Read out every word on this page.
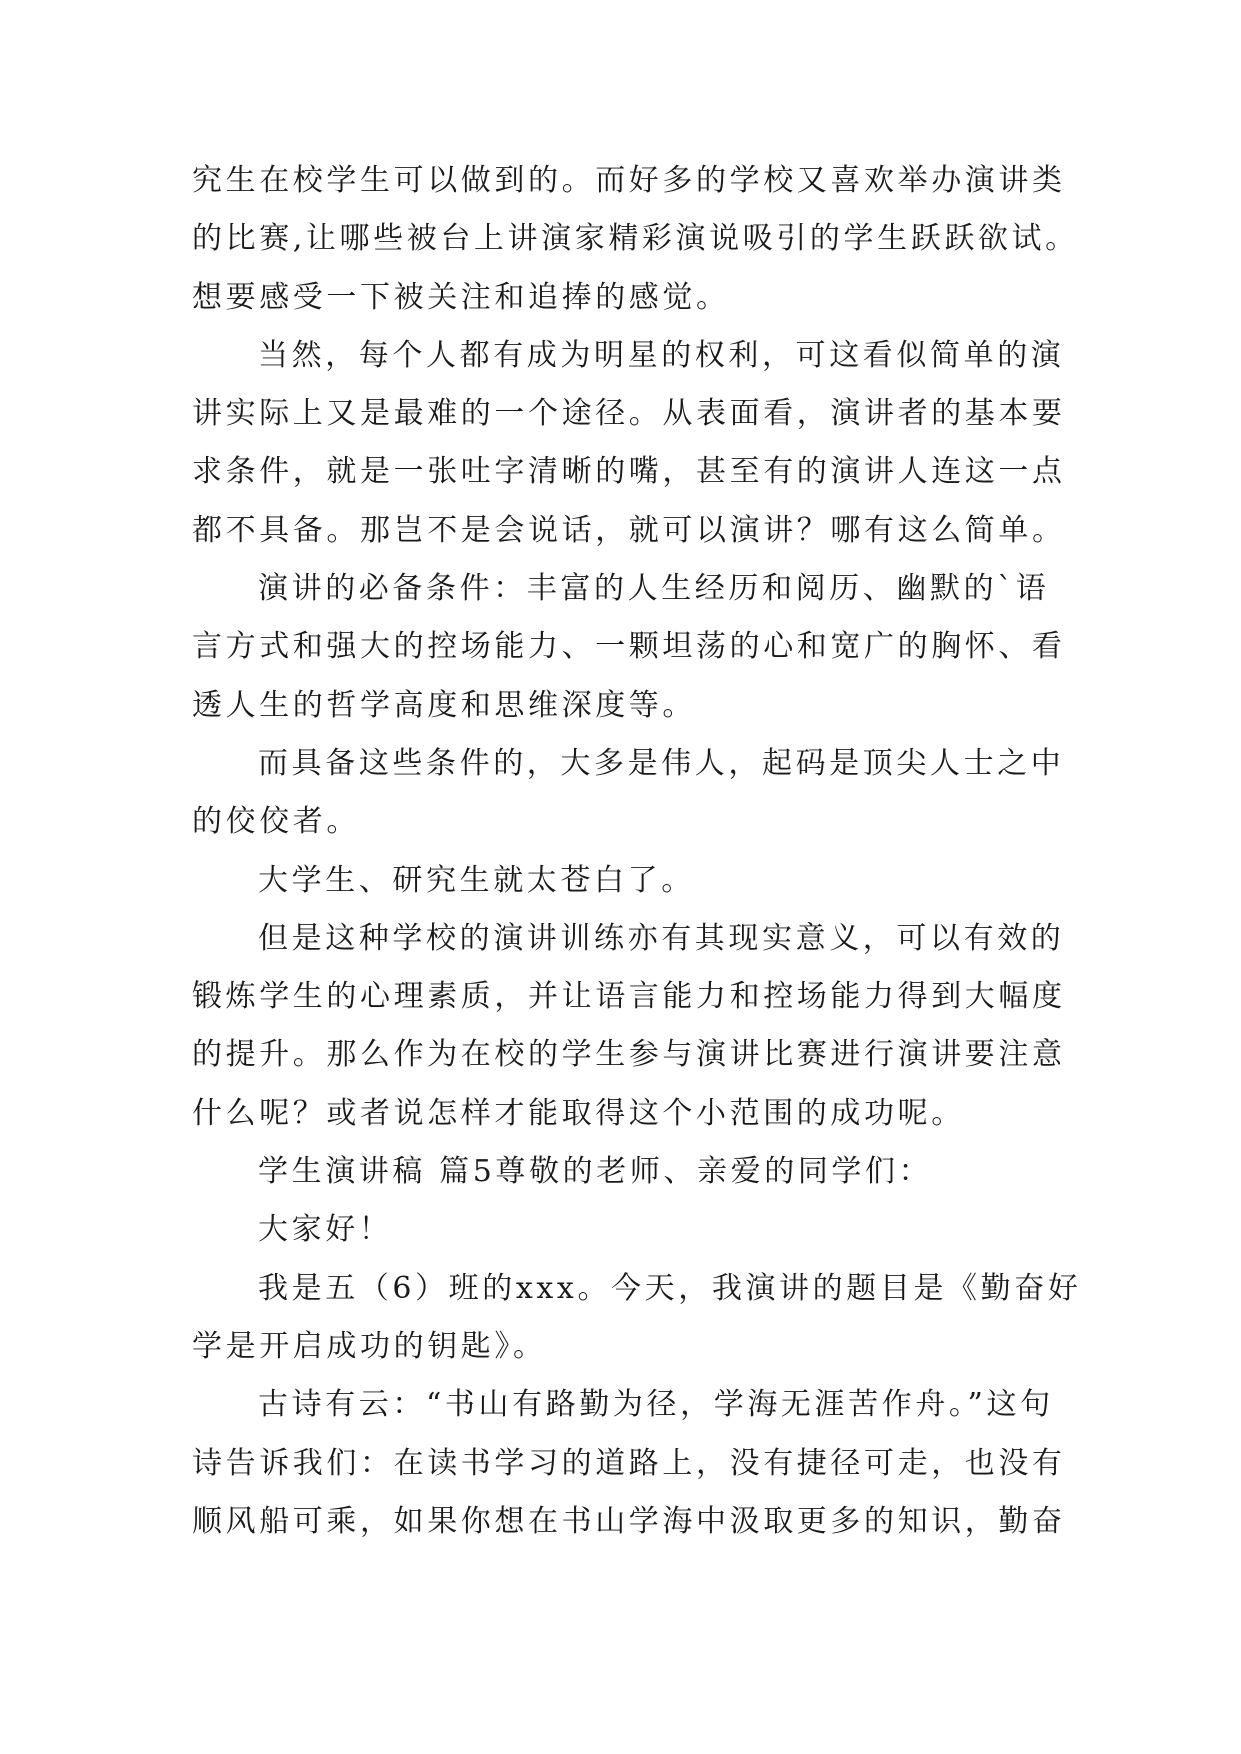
究生在校学生可以做到的。而好多的学校又喜欢举办演讲类
的比赛,让哪些被台上讲演家精彩演说吸引的学生跃跃欲试。
想要感受一下被关注和追捧的感觉。
当然，每个人都有成为明星的权利，可这看似简单的演
讲实际上又是最难的一个途径。从表面看，演讲者的基本要
求条件，就是一张吐字清晰的嘴，甚至有的演讲人连这一点
都不具备。那岂不是会说话，就可以演讲？哪有这么简单。
演讲的必备条件：丰富的人生经历和阅历、幽默的`语
言方式和强大的控场能力、一颗坦荡的心和宽广的胸怀、看
透人生的哲学高度和思维深度等。
而具备这些条件的，大多是伟人，起码是顶尖人士之中
的佼佼者。
大学生、研究生就太苍白了。
但是这种学校的演讲训练亦有其现实意义，可以有效的
锻炼学生的心理素质，并让语言能力和控场能力得到大幅度
的提升。那么作为在校的学生参与演讲比赛进行演讲要注意
什么呢？或者说怎样才能取得这个小范围的成功呢。
学生演讲稿 篇5尊敬的老师、亲爱的同学们：
大家好！
我是五（6）班的xxx。今天，我演讲的题目是《勤奋好
学是开启成功的钥匙》。
古诗有云：“书山有路勤为径，学海无涯苦作舟。”这句
诗告诉我们：在读书学习的道路上，没有捷径可走，也没有
顺风船可乘，如果你想在书山学海中汲取更多的知识，勤奋
